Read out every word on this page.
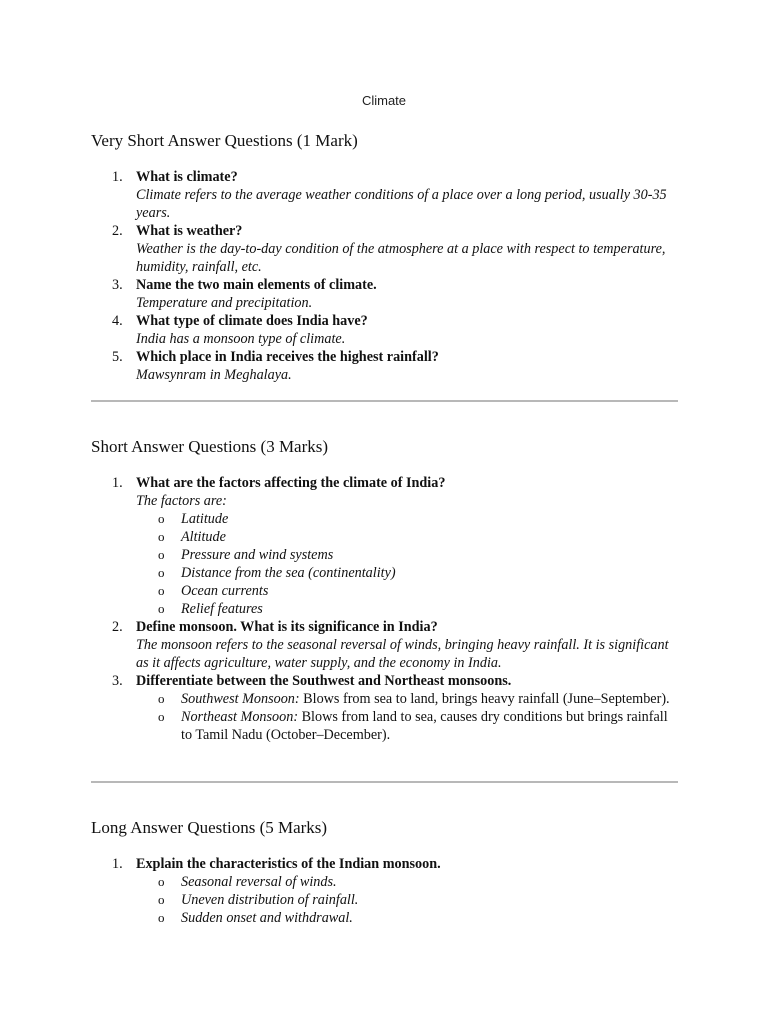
Climate
Very Short Answer Questions (1 Mark)
1. What is climate?
Climate refers to the average weather conditions of a place over a long period, usually 30-35 years.
2. What is weather?
Weather is the day-to-day condition of the atmosphere at a place with respect to temperature, humidity, rainfall, etc.
3. Name the two main elements of climate.
Temperature and precipitation.
4. What type of climate does India have?
India has a monsoon type of climate.
5. Which place in India receives the highest rainfall?
Mawsynram in Meghalaya.
Short Answer Questions (3 Marks)
1. What are the factors affecting the climate of India?
The factors are:
o Latitude
o Altitude
o Pressure and wind systems
o Distance from the sea (continentality)
o Ocean currents
o Relief features
2. Define monsoon. What is its significance in India?
The monsoon refers to the seasonal reversal of winds, bringing heavy rainfall. It is significant as it affects agriculture, water supply, and the economy in India.
3. Differentiate between the Southwest and Northeast monsoons.
o Southwest Monsoon: Blows from sea to land, brings heavy rainfall (June–September).
o Northeast Monsoon: Blows from land to sea, causes dry conditions but brings rainfall to Tamil Nadu (October–December).
Long Answer Questions (5 Marks)
1. Explain the characteristics of the Indian monsoon.
o Seasonal reversal of winds.
o Uneven distribution of rainfall.
o Sudden onset and withdrawal.
